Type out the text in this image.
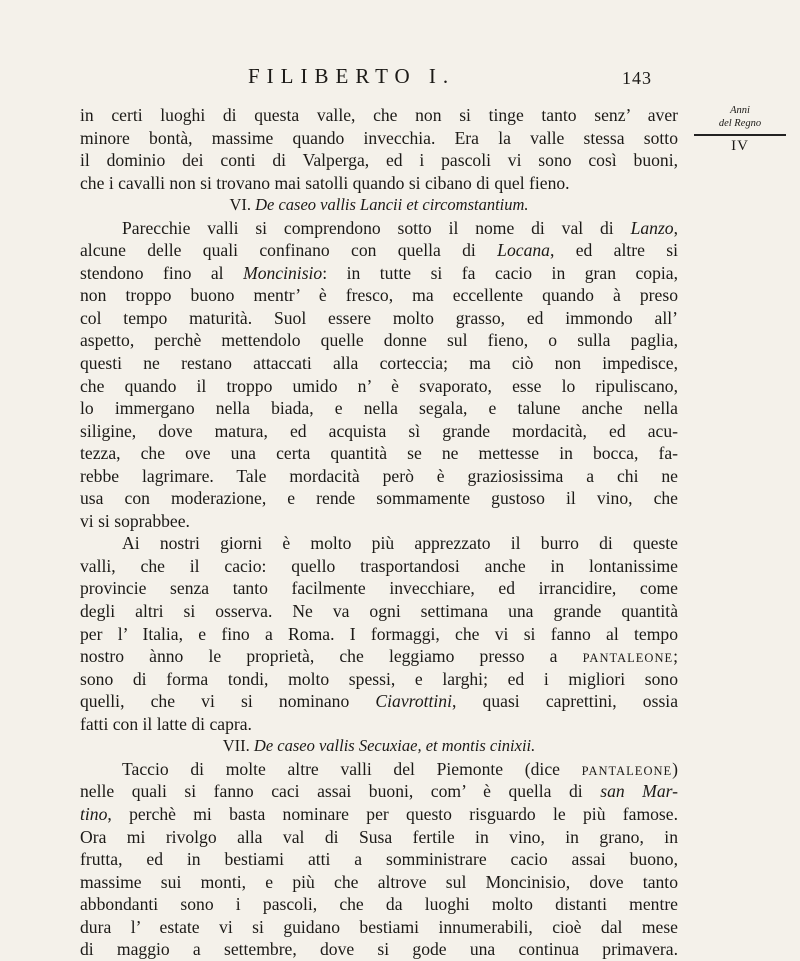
FILIBERTO I.	143
Anni
del Regno
IV
in certi luoghi di questa valle, che non si tinge tanto senz’ aver
minore bontà, massime quando invecchia. Era la valle stessa sotto
il dominio dei conti di Valperga, ed i pascoli vi sono così buoni,
che i cavalli non si trovano mai satolli quando si cibano di quel fieno.
VI. De caseo vallis Lancii et circomstantium.
Parecchie valli si comprendono sotto il nome di val di Lanzo,
alcune delle quali confinano con quella di Locana, ed altre si
stendono fino al Moncinisio: in tutte si fa cacio in gran copia,
non troppo buono mentr’ è fresco, ma eccellente quando à preso
col tempo maturità. Suol essere molto grasso, ed immondo all’
aspetto, perchè mettendolo quelle donne sul fieno, o sulla paglia,
questi ne restano attaccati alla corteccia; ma ciò non impedisce,
che quando il troppo umido n’ è svaporato, esse lo ripuliscano,
lo immergano nella biada, e nella segala, e talune anche nella
siligine, dove matura, ed acquista sì grande mordacità, ed acu-
tezza, che ove una certa quantità se ne mettesse in bocca, fa-
rebbe lagrimare. Tale mordacità però è graziosissima a chi ne
usa con moderazione, e rende sommamente gustoso il vino, che
vi si soprabbee.
Ai nostri giorni è molto più apprezzato il burro di queste
valli, che il cacio: quello trasportandosi anche in lontanissime
provincie senza tanto facilmente invecchiare, ed irrancidire, come
degli altri si osserva. Ne va ogni settimana una grande quantità
per l’ Italia, e fino a Roma. I formaggi, che vi si fanno al tempo
nostro ànno le proprietà, che leggiamo presso a PANTALEONE;
sono di forma tondi, molto spessi, e larghi; ed i migliori sono
quelli, che vi si nominano Ciavrottini, quasi caprettini, ossia
fatti con il latte di capra.
VII. De caseo vallis Secuxiae, et montis cinixii.
Taccio di molte altre valli del Piemonte (dice PANTALEONE)
nelle quali si fanno caci assai buoni, com’ è quella di san Mar-
tino, perchè mi basta nominare per questo risguardo le più famose.
Ora mi rivolgo alla val di Susa fertile in vino, in grano, in
frutta, ed in bestiami atti a somministrare cacio assai buono,
massime sui monti, e più che altrove sul Moncinisio, dove tanto
abbondanti sono i pascoli, che da luoghi molto distanti mentre
dura l’ estate vi si guidano bestiami innumerabili, cioè dal mese
di maggio a settembre, dove si gode una continua primavera.
